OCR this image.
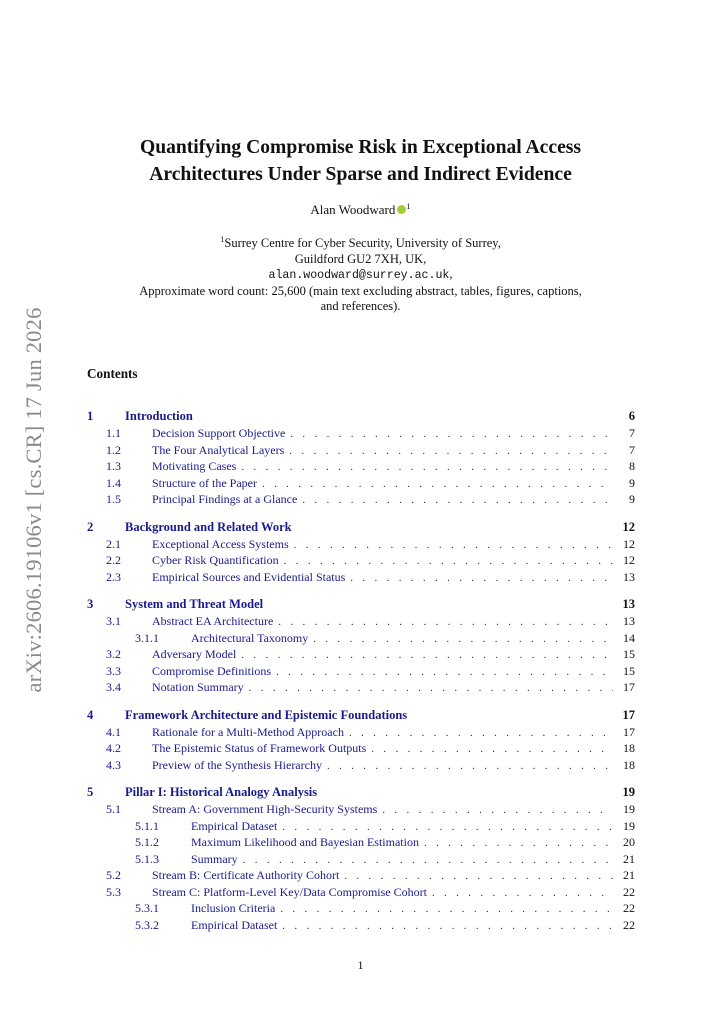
arXiv:2606.19106v1 [cs.CR] 17 Jun 2026
Quantifying Compromise Risk in Exceptional Access
Architectures Under Sparse and Indirect Evidence
Alan Woodward $^1$
$^1$Surrey Centre for Cyber Security, University of Surrey,
Guildford GU2 7XH, UK,
alan.woodward@surrey.ac.uk,
Approximate word count: 25,600 (main text excluding abstract, tables, figures, captions,
and references).
Contents
1	Introduction	6
1.1	Decision Support Objective . . .	7
1.2	The Four Analytical Layers . . .	7
1.3	Motivating Cases . . .	8
1.4	Structure of the Paper . . .	9
1.5	Principal Findings at a Glance . . .	9
2	Background and Related Work	12
2.1	Exceptional Access Systems . . .	12
2.2	Cyber Risk Quantification . . .	12
2.3	Empirical Sources and Evidential Status . . .	13
3	System and Threat Model	13
3.1	Abstract EA Architecture . . .	13
3.1.1	Architectural Taxonomy . . .	14
3.2	Adversary Model . . .	15
3.3	Compromise Definitions . . .	15
3.4	Notation Summary . . .	17
4	Framework Architecture and Epistemic Foundations	17
4.1	Rationale for a Multi-Method Approach . . .	17
4.2	The Epistemic Status of Framework Outputs . . .	18
4.3	Preview of the Synthesis Hierarchy . . .	18
5	Pillar I: Historical Analogy Analysis	19
5.1	Stream A: Government High-Security Systems . . .	19
5.1.1	Empirical Dataset . . .	19
5.1.2	Maximum Likelihood and Bayesian Estimation . . .	20
5.1.3	Summary . . .	21
5.2	Stream B: Certificate Authority Cohort . . .	21
5.3	Stream C: Platform-Level Key/Data Compromise Cohort . . .	22
5.3.1	Inclusion Criteria . . .	22
5.3.2	Empirical Dataset . . .	22
1
